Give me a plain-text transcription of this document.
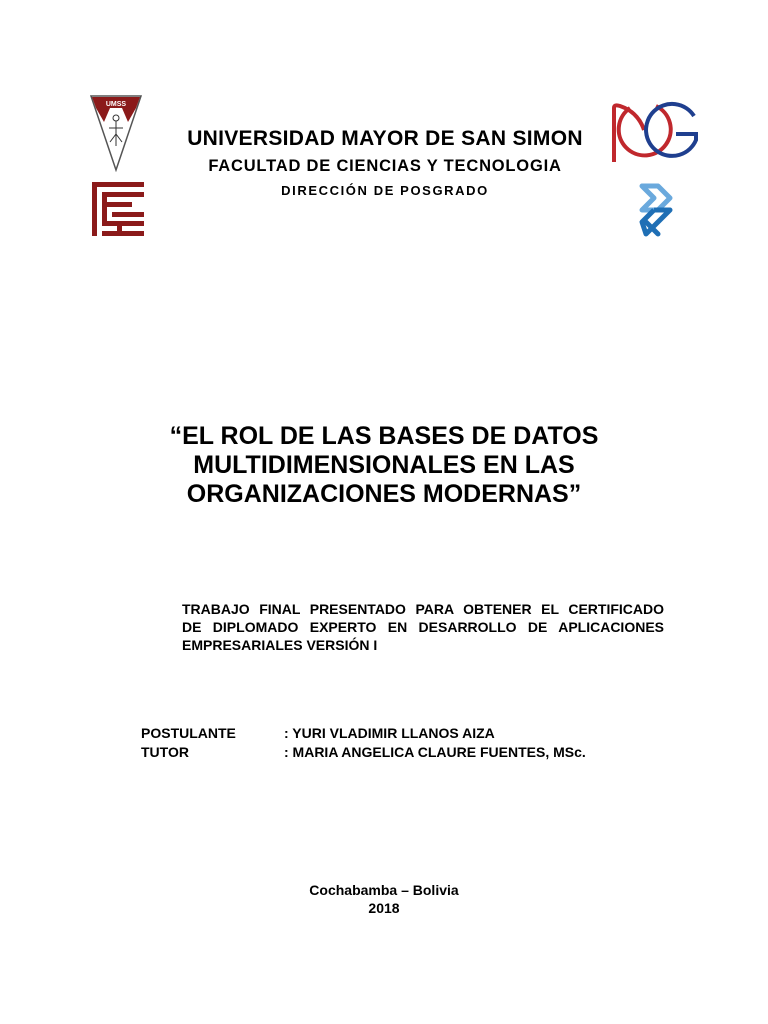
UMSS
UNIVERSIDAD MAYOR DE SAN SIMON
FACULTAD DE CIENCIAS Y TECNOLOGIA
DIRECCIÓN DE POSGRADO
“EL ROL DE LAS BASES DE DATOS
MULTIDIMENSIONALES EN LAS
ORGANIZACIONES MODERNAS”
TRABAJO FINAL PRESENTADO PARA OBTENER EL CERTIFICADO
DE DIPLOMADO EXPERTO EN DESARROLLO DE APLICACIONES
EMPRESARIALES VERSIÓN I
POSTULANTE	: YURI VLADIMIR LLANOS AIZA
TUTOR	: MARIA ANGELICA CLAURE FUENTES, MSc.
Cochabamba – Bolivia
2018
